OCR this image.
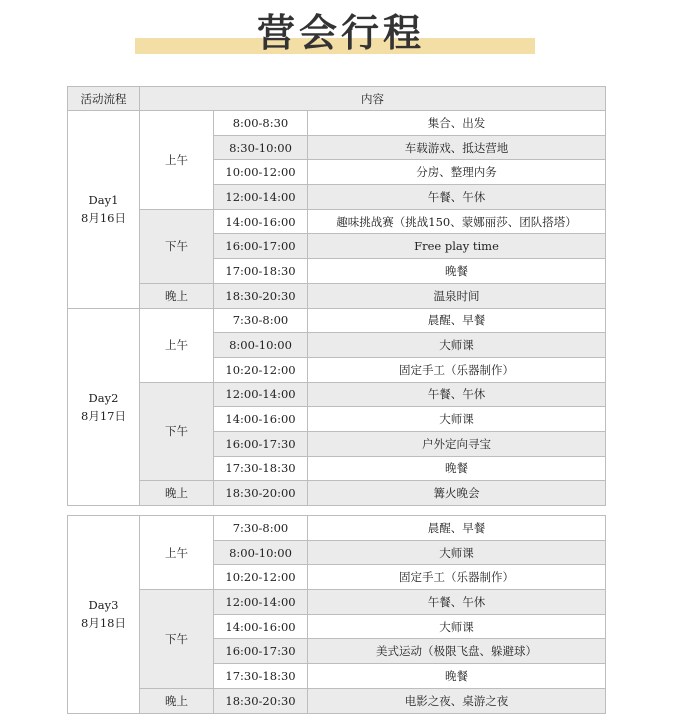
营会行程
活动流程	内容		

Day1
8月16日	上午	8:00-8:30	集合、出发
		8:30-10:00	车载游戏、抵达营地
		10:00-12:00	分房、整理内务
		12:00-14:00	午餐、午休
	下午	14:00-16:00	趣味挑战赛（挑战150、蒙娜丽莎、团队搭塔）
		16:00-17:00	Free play time
		17:00-18:30	晚餐
	晚上	18:30-20:30	温泉时间

Day2
8月17日	上午	7:30-8:00	晨醒、早餐
		8:00-10:00	大师课
		10:20-12:00	固定手工（乐器制作）
	下午	12:00-14:00	午餐、午休
		14:00-16:00	大师课
		16:00-17:30	户外定向寻宝
		17:30-18:30	晚餐
	晚上	18:30-20:00	篝火晚会
Day3
8月18日	上午	7:30-8:00	晨醒、早餐
		8:00-10:00	大师课
		10:20-12:00	固定手工（乐器制作）
	下午	12:00-14:00	午餐、午休
		14:00-16:00	大师课
		16:00-17:30	美式运动（极限飞盘、躲避球）
		17:30-18:30	晚餐
	晚上	18:30-20:30	电影之夜、桌游之夜
